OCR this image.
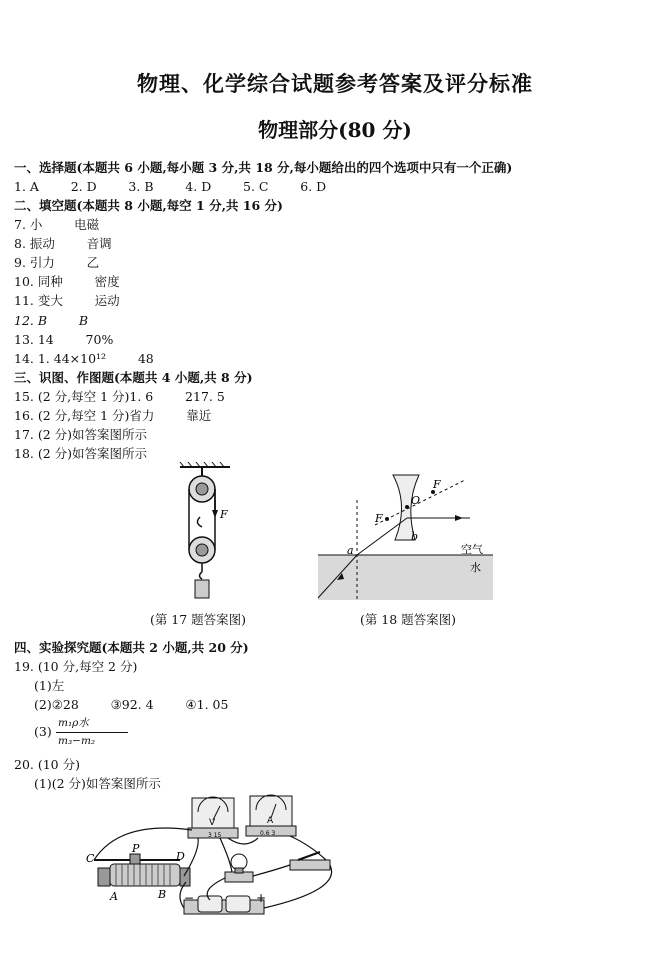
物理、化学综合试题参考答案及评分标准
物理部分(80 分)
一、选择题(本题共 6 小题,每小题 3 分,共 18 分,每小题给出的四个选项中只有一个正确)
1. A        2. D        3. B        4. D        5. C        6. D
二、填空题(本题共 8 小题,每空 1 分,共 16 分)
7. 小        电磁
8. 振动        音调
9. 引力        乙
10. 同种        密度
11. 变大        运动
12. B        B
13. 14        70%
14. 1. 44×10¹²        48
三、识图、作图题(本题共 4 小题,共 8 分)
15. (2 分,每空 1 分)1. 6        217. 5
16. (2 分,每空 1 分)省力        靠近
17. (2 分)如答案图所示
18. (2 分)如答案图所示
F
(第 17 题答案图)
F
F
O
a
b
空气
水
(第 18 题答案图)
四、实验探究题(本题共 2 小题,共 20 分)
19. (10 分,每空 2 分)
(1)左
(2)②28        ③92. 4        ④1. 05
(3)
m₁ρ水
m₃−m₂
20. (10 分)
(1)(2 分)如答案图所示
V
3 15
A
0.6 3
C
P
D
A	B −	+
